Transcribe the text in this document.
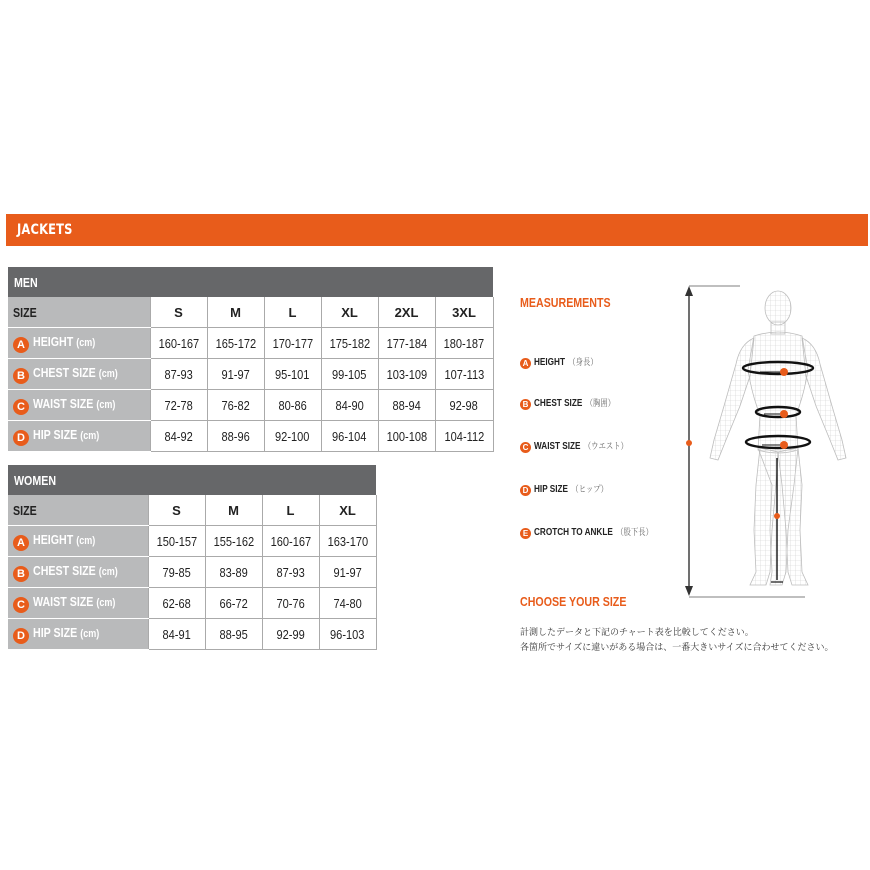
JACKETS
MEN						
SIZE	S	M	L	XL	2XL	3XL
A HEIGHT (cm)	160-167	165-172	170-177	175-182	177-184	180-187
B CHEST SIZE (cm)	87-93	91-97	95-101	99-105	103-109	107-113
C WAIST SIZE (cm)	72-78	76-82	80-86	84-90	88-94	92-98
D HIP SIZE (cm)	84-92	88-96	92-100	96-104	100-108	104-112
WOMEN				
SIZE	S	M	L	XL
A HEIGHT (cm)	150-157	155-162	160-167	163-170
B CHEST SIZE (cm)	79-85	83-89	87-93	91-97
C WAIST SIZE (cm)	62-68	66-72	70-76	74-80
D HIP SIZE (cm)	84-91	88-95	92-99	96-103
MEASUREMENTS
A HEIGHT （身長）
B CHEST SIZE （胸囲）
C WAIST SIZE （ウエスト）
D HIP SIZE （ヒップ）
E CROTCH TO ANKLE （股下長）
CHOOSE YOUR SIZE
計測したデータと下記のチャート表を比較してください。
各箇所でサイズに違いがある場合は、一番大きいサイズに合わせてください。
